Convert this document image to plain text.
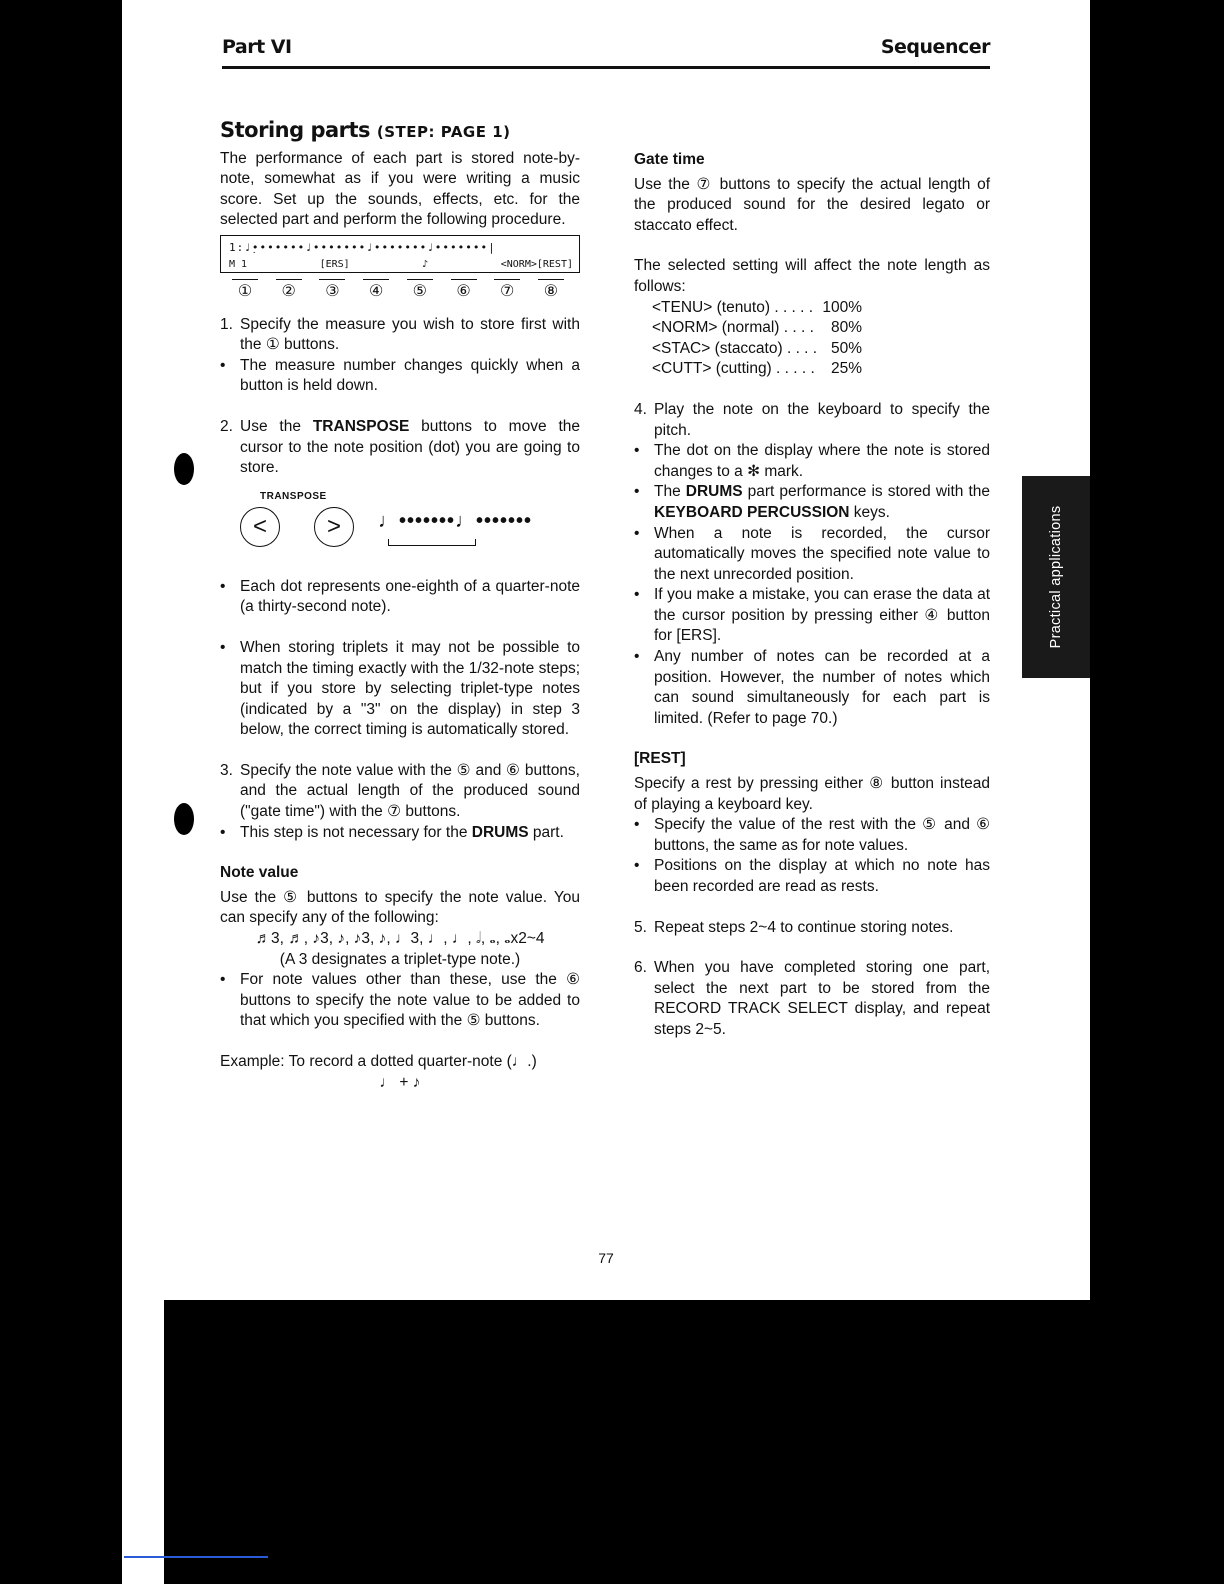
Part VI	Sequencer
Storing parts (STEP: PAGE 1)

The performance of each part is stored note-by-note, somewhat as if you were writing a music score. Set up the sounds, effects, etc. for the selected part and perform the following procedure.

1:♩̣•••••••♩•••••••♩•••••••♩•••••••|
M 1	[ERS]	♪	<NORM>[REST]
①	②	③	④	⑤	⑥	⑦	⑧
1. Specify the measure you wish to store first with the ① buttons.
• The measure number changes quickly when a button is held down.
2. Use the TRANSPOSE buttons to move the cursor to the note position (dot) you are going to store.
TRANSPOSE
<	>	♩•••••••♩•••••••
• Each dot represents one-eighth of a quarter-note (a thirty-second note).
• When storing triplets it may not be possible to match the timing exactly with the 1/32-note steps; but if you store by selecting triplet-type notes (indicated by a "3" on the display) in step 3 below, the correct timing is automatically stored.
3. Specify the note value with the ⑤ and ⑥ buttons, and the actual length of the produced sound ("gate time") with the ⑦ buttons.
• This step is not necessary for the DRUMS part.
Note value

Use the ⑤ buttons to specify the note value. You can specify any of the following:

♬3, ♬, ♪3, ♪, ♪3, ♪, ♩3, ♩, ♩, 𝅗𝅥, 𝅝, 𝅝x2~4
(A 3 designates a triplet-type note.)
• For note values other than these, use the ⑥ buttons to specify the note value to be added to that which you specified with the ⑤ buttons.

Example: To record a dotted quarter-note (♩.)

♩ + ♪
Gate time

Use the ⑦ buttons to specify the actual length of the produced sound for the desired legato or staccato effect.

The selected setting will affect the note length as follows:

<TENU> (tenuto) . . . . . 100%
<NORM> (normal) . . . .	80%
<STAC> (staccato) . . . . 50%
<CUTT> (cutting) . . . . .	25%
4. Play the note on the keyboard to specify the pitch.
• The dot on the display where the note is stored changes to a ✻ mark.
• The DRUMS part performance is stored with the KEYBOARD PERCUSSION keys.
• When a note is recorded, the cursor automatically moves the specified note value to the next unrecorded position.
• If you make a mistake, you can erase the data at the cursor position by pressing either ④ button for [ERS].
• Any number of notes can be recorded at a position. However, the number of notes which can sound simultaneously for each part is limited. (Refer to page 70.)
[REST]

Specify a rest by pressing either ⑧ button instead of playing a keyboard key.

• Specify the value of the rest with the ⑤ and ⑥ buttons, the same as for note values.
• Positions on the display at which no note has been recorded are read as rests.
5. Repeat steps 2~4 to continue storing notes.
6. When you have completed storing one part, select the next part to be stored from the RECORD TRACK SELECT display, and repeat steps 2~5.
Practical applications
77
